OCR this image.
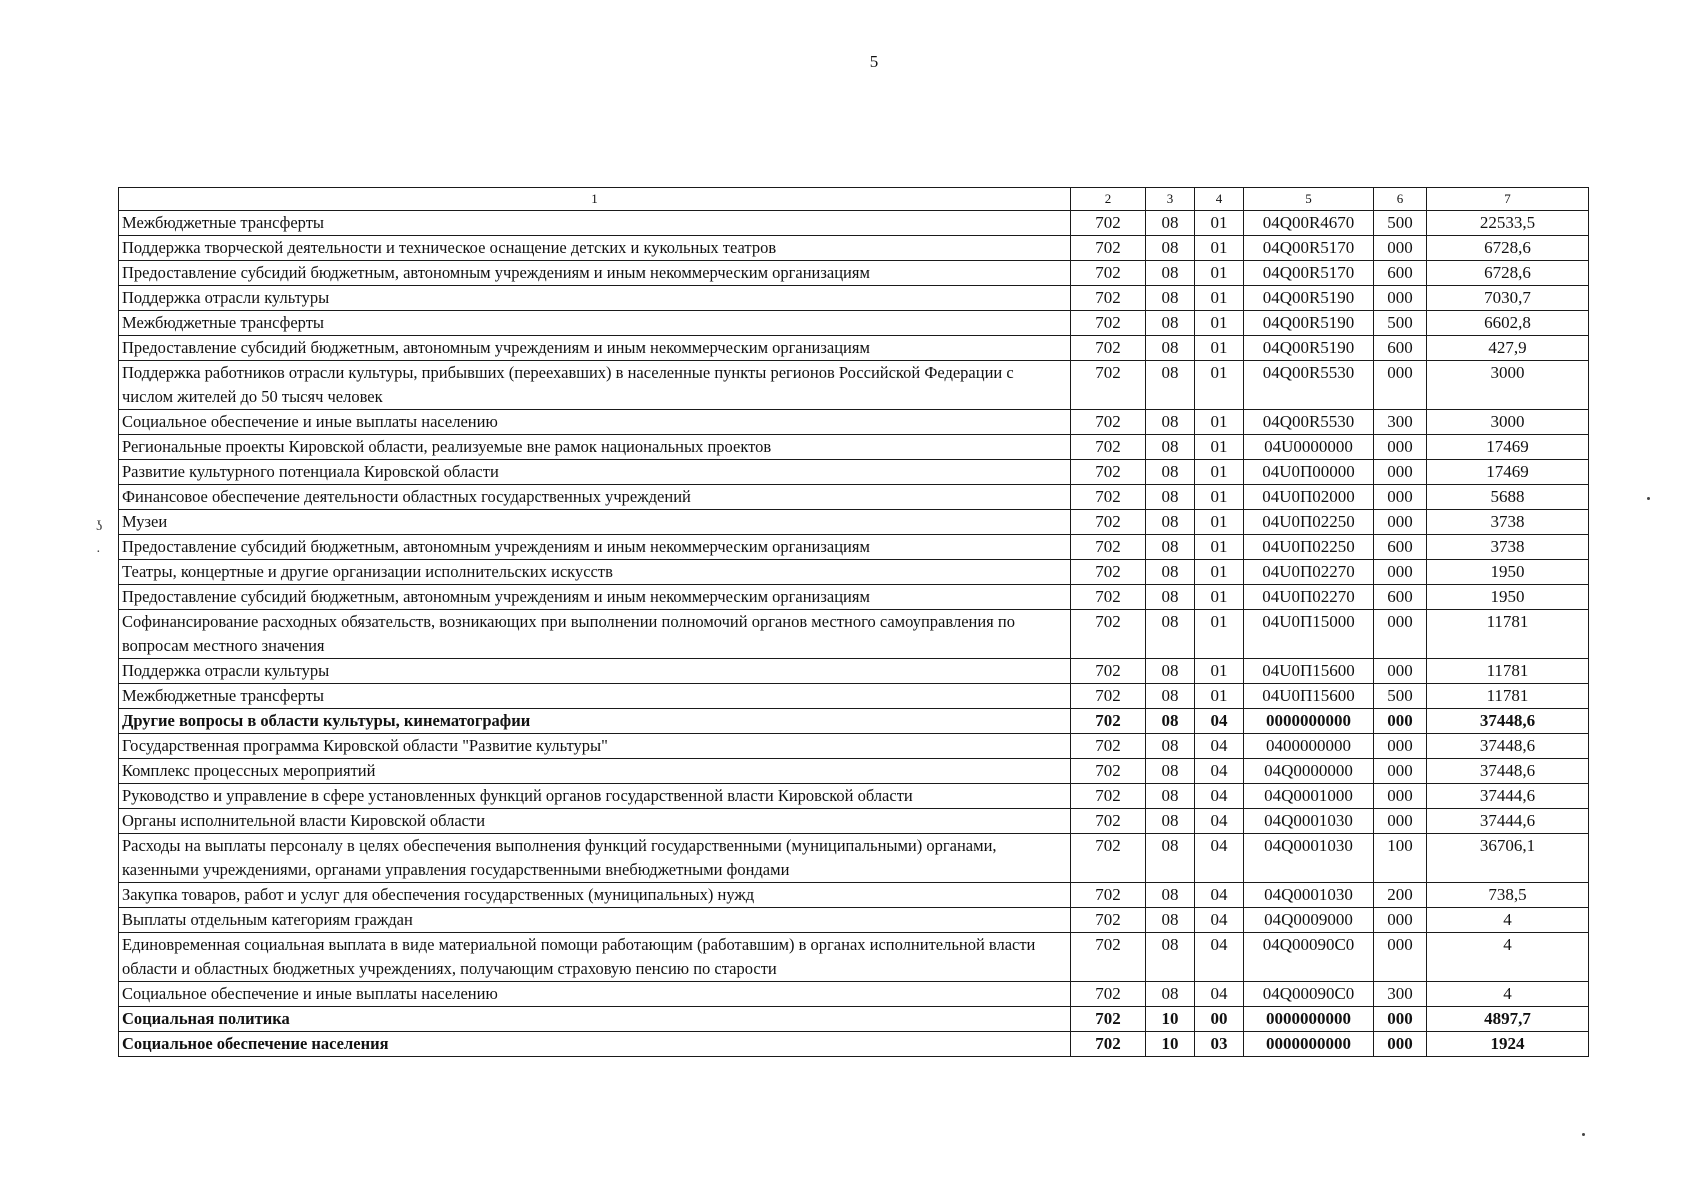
5
ʖ
·
1	2	3	4	5	6	7
Межбюджетные трансферты	702	08	01	04Q00R4670	500	22533,5
Поддержка творческой деятельности и техническое оснащение детских и кукольных театров	702	08	01	04Q00R5170	000	6728,6
Предоставление субсидий бюджетным, автономным учреждениям и иным некоммерческим организациям	702	08	01	04Q00R5170	600	6728,6
Поддержка отрасли культуры	702	08	01	04Q00R5190	000	7030,7
Межбюджетные трансферты	702	08	01	04Q00R5190	500	6602,8
Предоставление субсидий бюджетным, автономным учреждениям и иным некоммерческим организациям	702	08	01	04Q00R5190	600	427,9
Поддержка работников отрасли культуры, прибывших (переехавших) в населенные пункты регионов Российской Федерации с числом жителей до 50 тысяч человек	702	08	01	04Q00R5530	000	3000
Социальное обеспечение и иные выплаты населению	702	08	01	04Q00R5530	300	3000
Региональные проекты Кировской области, реализуемые вне рамок национальных проектов	702	08	01	04U0000000	000	17469
Развитие культурного потенциала Кировской области	702	08	01	04U0П00000	000	17469
Финансовое обеспечение деятельности областных государственных учреждений	702	08	01	04U0П02000	000	5688
Музеи	702	08	01	04U0П02250	000	3738
Предоставление субсидий бюджетным, автономным учреждениям и иным некоммерческим организациям	702	08	01	04U0П02250	600	3738
Театры, концертные и другие организации исполнительских искусств	702	08	01	04U0П02270	000	1950
Предоставление субсидий бюджетным, автономным учреждениям и иным некоммерческим организациям	702	08	01	04U0П02270	600	1950
Софинансирование расходных обязательств, возникающих при выполнении полномочий органов местного самоуправления по вопросам местного значения	702	08	01	04U0П15000	000	11781
Поддержка отрасли культуры	702	08	01	04U0П15600	000	11781
Межбюджетные трансферты	702	08	01	04U0П15600	500	11781
Другие вопросы в области культуры, кинематографии	702	08	04	0000000000	000	37448,6
Государственная программа Кировской области "Развитие культуры"	702	08	04	0400000000	000	37448,6
Комплекс процессных мероприятий	702	08	04	04Q0000000	000	37448,6
Руководство и управление в сфере установленных функций органов государственной власти Кировской области	702	08	04	04Q0001000	000	37444,6
Органы исполнительной власти Кировской области	702	08	04	04Q0001030	000	37444,6
Расходы на выплаты персоналу в целях обеспечения выполнения функций государственными (муниципальными) органами, казенными учреждениями, органами управления государственными внебюджетными фондами	702	08	04	04Q0001030	100	36706,1
Закупка товаров, работ и услуг для обеспечения государственных (муниципальных) нужд	702	08	04	04Q0001030	200	738,5
Выплаты отдельным категориям граждан	702	08	04	04Q0009000	000	4
Единовременная социальная выплата в виде материальной помощи работающим (работавшим) в органах исполнительной власти области и областных бюджетных учреждениях, получающим страховую пенсию по старости	702	08	04	04Q00090C0	000	4
Социальное обеспечение и иные выплаты населению	702	08	04	04Q00090C0	300	4
Социальная политика	702	10	00	0000000000	000	4897,7
Социальное обеспечение населения	702	10	03	0000000000	000	1924
